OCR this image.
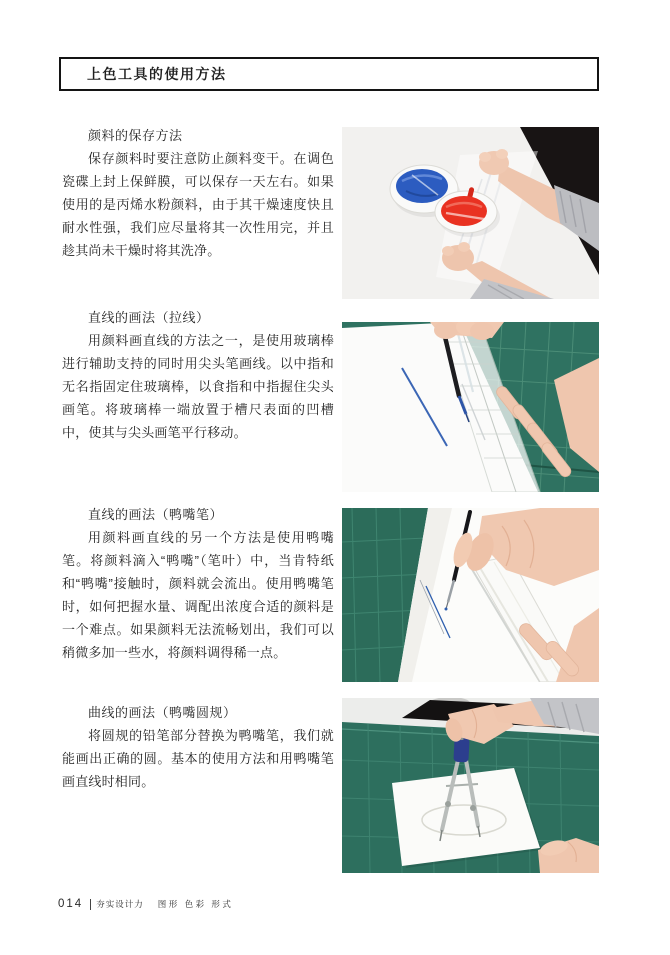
上色工具的使用方法
颜料的保存方法

保存颜料时要注意防止颜料变干。在调色瓷碟上封上保鲜膜，可以保存一天左右。如果使用的是丙烯水粉颜料，由于其干燥速度快且耐水性强，我们应尽量将其一次性用完，并且趁其尚未干燥时将其洗净。

直线的画法（拉线）

用颜料画直线的方法之一，是使用玻璃棒进行辅助支持的同时用尖头笔画线。以中指和无名指固定住玻璃棒，以食指和中指握住尖头画笔。将玻璃棒一端放置于槽尺表面的凹槽中，使其与尖头画笔平行移动。

直线的画法（鸭嘴笔）

用颜料画直线的另一个方法是使用鸭嘴笔。将颜料滴入“鸭嘴”（笔叶）中，当肯特纸和“鸭嘴”接触时，颜料就会流出。使用鸭嘴笔时，如何把握水量、调配出浓度合适的颜料是一个难点。如果颜料无法流畅划出，我们可以稍微多加一些水，将颜料调得稀一点。

曲线的画法（鸭嘴圆规）

将圆规的铅笔部分替换为鸭嘴笔，我们就能画出正确的圆。基本的使用方法和用鸭嘴笔画直线时相同。

014 夯实设计力 图形 色彩 形式
